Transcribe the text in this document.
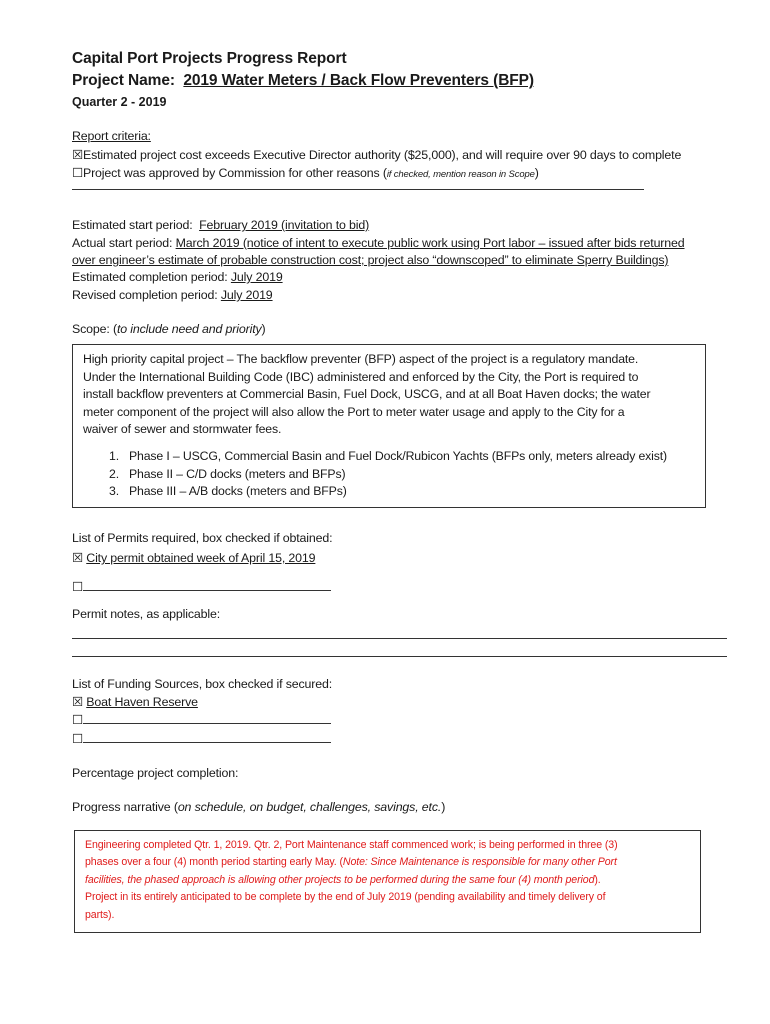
Capital Port Projects Progress Report
Project Name: 2019 Water Meters / Back Flow Preventers (BFP)
Quarter 2 - 2019
Report criteria:
☒Estimated project cost exceeds Executive Director authority ($25,000), and will require over 90 days to complete
☐Project was approved by Commission for other reasons (if checked, mention reason in Scope)
Estimated start period: February 2019 (invitation to bid)
Actual start period: March 2019 (notice of intent to execute public work using Port labor – issued after bids returned
over engineer’s estimate of probable construction cost; project also “downscoped” to eliminate Sperry Buildings)
Estimated completion period: July 2019
Revised completion period: July 2019
Scope: (to include need and priority)
High priority capital project – The backflow preventer (BFP) aspect of the project is a regulatory mandate.
Under the International Building Code (IBC) administered and enforced by the City, the Port is required to
install backflow preventers at Commercial Basin, Fuel Dock, USCG, and at all Boat Haven docks; the water
meter component of the project will also allow the Port to meter water usage and apply to the City for a
waiver of sewer and stormwater fees.
1. Phase I – USCG, Commercial Basin and Fuel Dock/Rubicon Yachts (BFPs only, meters already exist)
2. Phase II – C/D docks (meters and BFPs)
3. Phase III – A/B docks (meters and BFPs)
List of Permits required, box checked if obtained:
☒ City permit obtained week of April 15, 2019
☐
Permit notes, as applicable:
List of Funding Sources, box checked if secured:
☒ Boat Haven Reserve
☐
☐
Percentage project completion:
Progress narrative (on schedule, on budget, challenges, savings, etc.)
Engineering completed Qtr. 1, 2019. Qtr. 2, Port Maintenance staff commenced work; is being performed in three (3)
phases over a four (4) month period starting early May. (Note: Since Maintenance is responsible for many other Port
facilities, the phased approach is allowing other projects to be performed during the same four (4) month period).
Project in its entirely anticipated to be complete by the end of July 2019 (pending availability and timely delivery of
parts).
